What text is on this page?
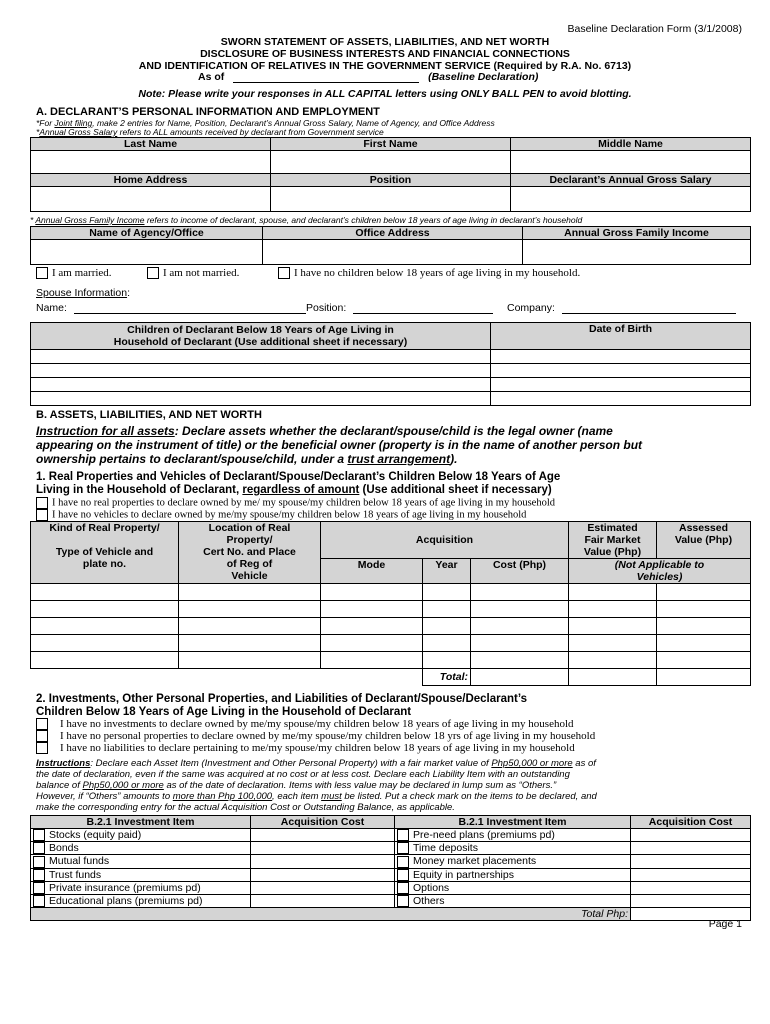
Baseline Declaration Form (3/1/2008)
SWORN STATEMENT OF ASSETS, LIABILITIES, AND NET WORTH
DISCLOSURE OF BUSINESS INTERESTS AND FINANCIAL CONNECTIONS
AND IDENTIFICATION OF RELATIVES IN THE GOVERNMENT SERVICE (Required by R.A. No. 6713)
As of	(Baseline Declaration)
Note: Please write your responses in ALL CAPITAL letters using ONLY BALL PEN to avoid blotting.
A. DECLARANT’S PERSONAL INFORMATION AND EMPLOYMENT
*For Joint filing, make 2 entries for Name, Position, Declarant’s Annual Gross Salary, Name of Agency, and Office Address
*Annual Gross Salary refers to ALL amounts received by declarant from Government service
Last Name	First Name	Middle Name

Home Address	Position	Declarant’s Annual Gross Salary

* Annual Gross Family Income refers to income of declarant, spouse, and declarant’s children below 18 years of age living in declarant’s household
Name of Agency/Office	Office Address	Annual Gross Family Income

I am married.	I am not married.	I have no children below 18 years of age living in my household.
Spouse Information:
Name:	Position:	Company:
Children of Declarant Below 18 Years of Age Living in
Household of Declarant (Use additional sheet if necessary)	Date of Birth

B. ASSETS, LIABILITIES, AND NET WORTH
Instruction for all assets: Declare assets whether the declarant/spouse/child is the legal owner (name
appearing on the instrument of title) or the beneficial owner (property is in the name of another person but
ownership pertains to declarant/spouse/child, under a trust arrangement).
1. Real Properties and Vehicles of Declarant/Spouse/Declarant’s Children Below 18 Years of Age
Living in the Household of Declarant, regardless of amount (Use additional sheet if necessary)
I have no real properties to declare owned by me/ my spouse/my children below 18 years of age living in my household
I have no vehicles to declare owned by me/my spouse/my children below 18 years of age living in my household
Kind of Real Property/

Type of Vehicle and
plate no.	Location of Real
Property/
Cert No. and Place
of Reg of
Vehicle	Acquisition			Estimated
Fair Market
Value (Php)	Assessed
Value (Php)
		Mode	Year	Cost (Php)	(Not Applicable to
Vehicles)	

			Total:			
2. Investments, Other Personal Properties, and Liabilities of Declarant/Spouse/Declarant’s
Children Below 18 Years of Age Living in the Household of Declarant
I have no investments to declare owned by me/my spouse/my children below 18 years of age living in my household
I have no personal properties to declare owned by me/my spouse/my children below 18 yrs of age living in my household
I have no liabilities to declare pertaining to me/my spouse/my children below 18 years of age living in my household
Instructions: Declare each Asset Item (Investment and Other Personal Property) with a fair market value of Php50,000 or more as of
the date of declaration, even if the same was acquired at no cost or at less cost. Declare each Liability Item with an outstanding
balance of Php50,000 or more as of the date of declaration. Items with less value may be declared in lump sum as “Others.”
However, if “Others” amounts to more than Php 100,000, each item must be listed. Put a check mark on the items to be declared, and
make the corresponding entry for the actual Acquisition Cost or Outstanding Balance, as applicable.
B.2.1 Investment Item	Acquisition Cost	B.2.1 Investment Item	Acquisition Cost
Stocks (equity paid)		Pre-need plans (premiums pd)	
Bonds		Time deposits	
Mutual funds		Money market placements	
Trust funds		Equity in partnerships	
Private insurance (premiums pd)		Options	
Educational plans (premiums pd)		Others	
Total Php:			
Page 1
